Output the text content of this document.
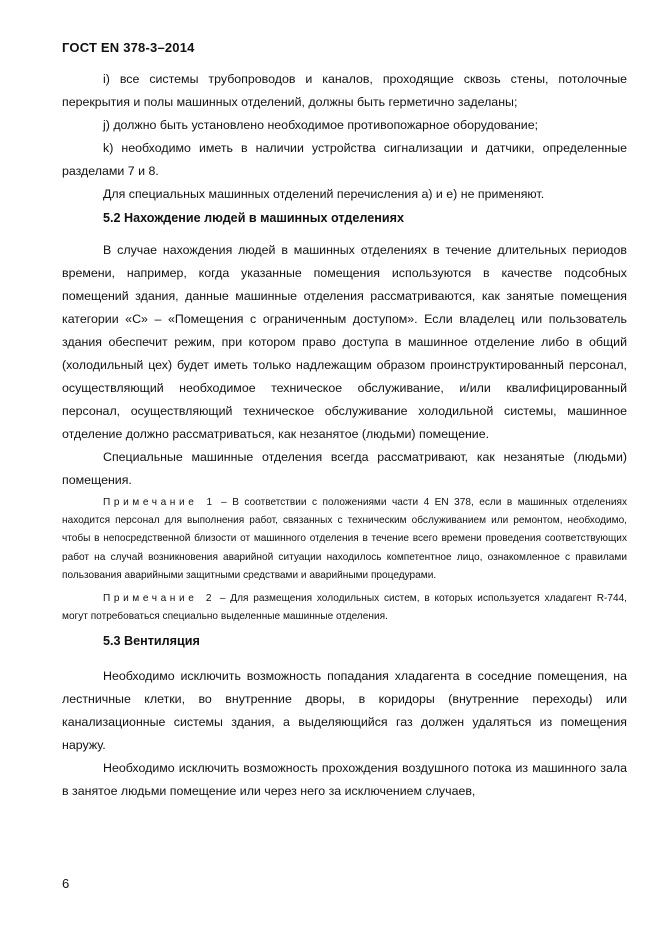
ГОСТ EN 378-3–2014

i) все системы трубопроводов и каналов, проходящие сквозь стены, потолочные перекрытия и полы машинных отделений, должны быть герметично заделаны;

j) должно быть установлено необходимое противопожарное оборудование;

k) необходимо иметь в наличии устройства сигнализации и датчики, определенные разделами 7 и 8.

Для специальных машинных отделений перечисления а) и е) не применяют.

5.2 Нахождение людей в машинных отделениях

В случае нахождения людей в машинных отделениях в течение длительных периодов времени, например, когда указанные помещения используются в качестве подсобных помещений здания, данные машинные отделения рассматриваются, как занятые помещения категории «С» – «Помещения с ограниченным доступом». Если владелец или пользователь здания обеспечит режим, при котором право доступа в машинное отделение либо в общий (холодильный цех) будет иметь только надлежащим образом проинструктированный персонал, осуществляющий необходимое техническое обслуживание, и/или квалифицированный персонал, осуществляющий техническое обслуживание холодильной системы, машинное отделение должно рассматриваться, как незанятое (людьми) помещение.

Специальные машинные отделения всегда рассматривают, как незанятые (людьми) помещения.

Примечание 1 – В соответствии с положениями части 4 EN 378, если в машинных отделениях находится персонал для выполнения работ, связанных с техническим обслуживанием или ремонтом, необходимо, чтобы в непосредственной близости от машинного отделения в течение всего времени проведения соответствующих работ на случай возникновения аварийной ситуации находилось компетентное лицо, ознакомленное с правилами пользования аварийными защитными средствами и аварийными процедурами.

Примечание 2 – Для размещения холодильных систем, в которых используется хладагент R-744, могут потребоваться специально выделенные машинные отделения.

5.3 Вентиляция

Необходимо исключить возможность попадания хладагента в соседние помещения, на лестничные клетки, во внутренние дворы, в коридоры (внутренние переходы) или канализационные системы здания, а выделяющийся газ должен удаляться из помещения наружу.

Необходимо исключить возможность прохождения воздушного потока из машинного зала в занятое людьми помещение или через него за исключением случаев,

6
